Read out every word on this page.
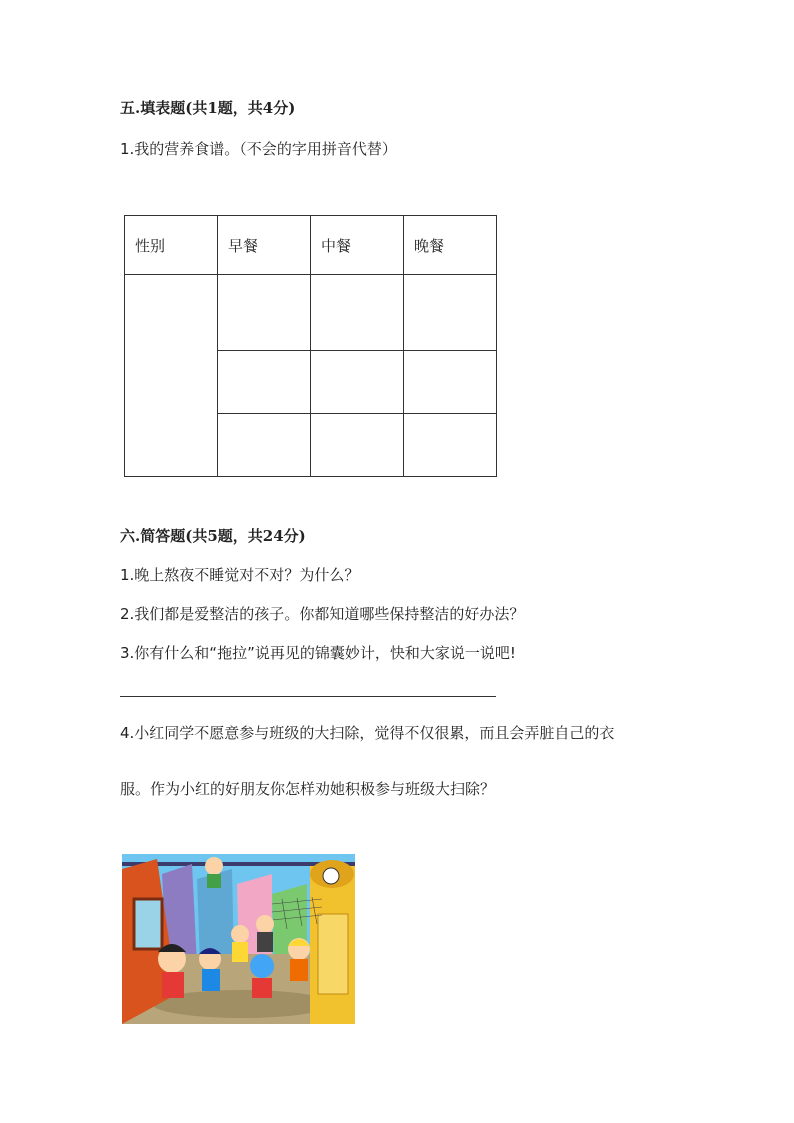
五.填表题(共1题，共4分)
1.我的营养食谱。（不会的字用拼音代替）
性别	早餐	中餐	晚餐

六.简答题(共5题，共24分)
1.晚上熬夜不睡觉对不对？为什么？
2.我们都是爱整洁的孩子。你都知道哪些保持整洁的好办法？
3.你有什么和“拖拉”说再见的锦囊妙计，快和大家说一说吧!
4.小红同学不愿意参与班级的大扫除，觉得不仅很累，而且会弄脏自己的衣
服。作为小红的好朋友你怎样劝她积极参与班级大扫除？
